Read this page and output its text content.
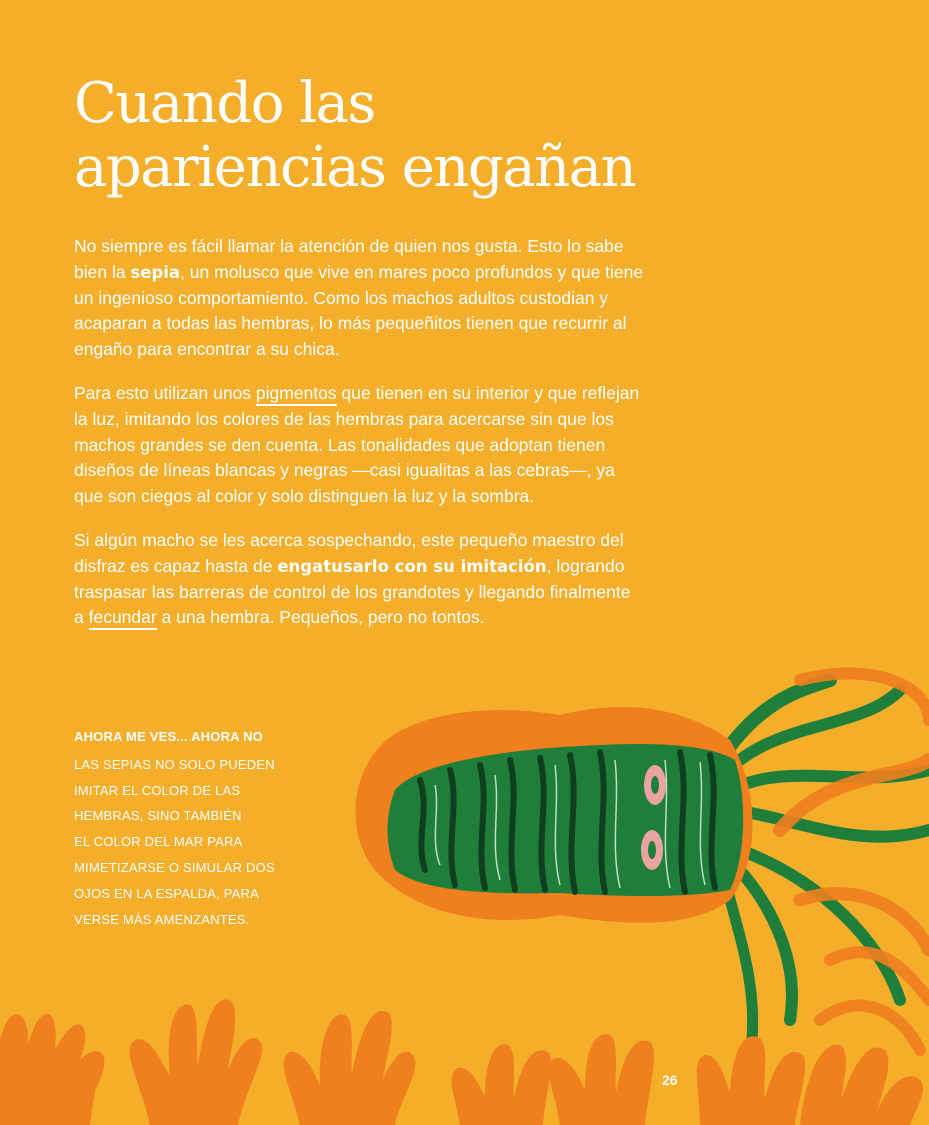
Cuando las
apariencias engañan

No siempre es fácil llamar la atención de quien nos gusta. Esto lo sabe bien la sepia, un molusco que vive en mares poco profundos y que tiene un ingenioso comportamiento. Como los machos adultos custodian y acaparan a todas las hembras, lo más pequeñitos tienen que recurrir al engaño para encontrar a su chica.

Para esto utilizan unos pigmentos que tienen en su interior y que reflejan la luz, imitando los colores de las hembras para acercarse sin que los machos grandes se den cuenta. Las tonalidades que adoptan tienen diseños de líneas blancas y negras —casi igualitas a las cebras—, ya que son ciegos al color y solo distinguen la luz y la sombra.

Si algún macho se les acerca sospechando, este pequeño maestro del disfraz es capaz hasta de engatusarlo con su imitación, logrando traspasar las barreras de control de los grandotes y llegando finalmente a fecundar a una hembra. Pequeños, pero no tontos.

AHORA ME VES... AHORA NO
LAS SEPIAS NO SOLO PUEDEN
IMITAR EL COLOR DE LAS
HEMBRAS, SINO TAMBIÉN
EL COLOR DEL MAR PARA
MIMETIZARSE O SIMULAR DOS
OJOS EN LA ESPALDA, PARA
VERSE MÁS AMENZANTES.
26
